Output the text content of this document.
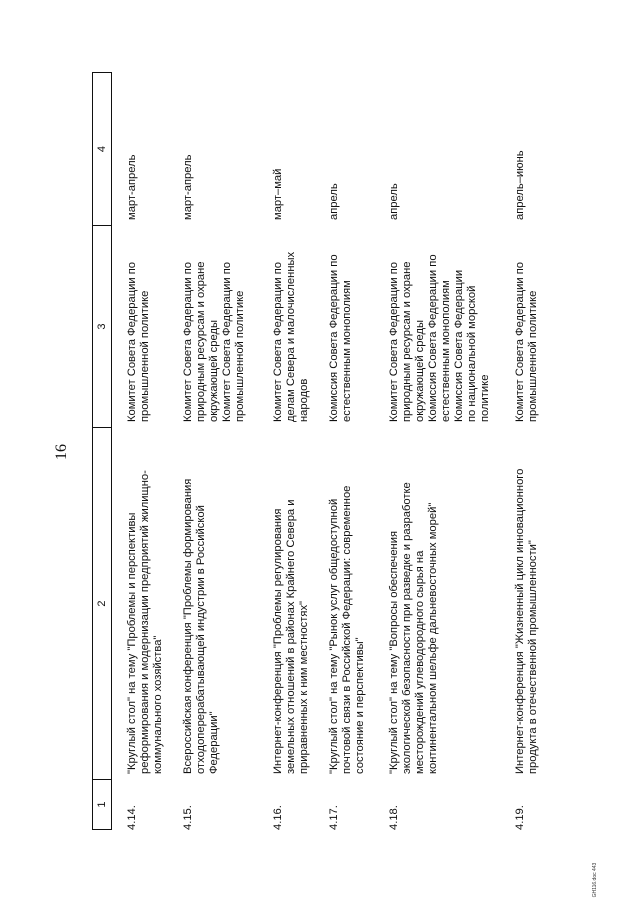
16
1
2
3
4
4.14.
"Круглый стол" на тему "Проблемы и перспективы
реформирования и модернизации предприятий жилищно-
коммунального хозяйства"
Комитет Совета Федерации по
промышленной политике
март-апрель
4.15.
Всероссийская конференция "Проблемы формирования
отходоперерабатывающей индустрии в Российской
Федерации"
Комитет Совета Федерации по
природным ресурсам и охране
окружающей среды
Комитет Совета Федерации по
промышленной политике
март-апрель
4.16.
Интернет-конференция "Проблемы регулирования
земельных отношений в районах Крайнего Севера и
приравненных к ним местностях"
Комитет Совета Федерации по
делам Севера и малочисленных
народов
март–май
4.17.
"Круглый стол" на тему "Рынок услуг общедоступной
почтовой связи в Российской Федерации: современное
состояние и перспективы"
Комиссия Совета Федерации по
естественным монополиям
апрель
4.18.
"Круглый стол" на тему "Вопросы обеспечения
экологической безопасности при разведке и разработке
месторождений углеводородного сырья на
континентальном шельфе дальневосточных морей"
Комитет Совета Федерации по
природным ресурсам и охране
окружающей среды
Комиссия Совета Федерации по
естественным монополиям
Комиссия Совета Федерации
по национальной морской
политике
апрель
4.19.
Интернет-конференция "Жизненный цикл инновационного
продукта в отечественной промышленности"
Комитет Совета Федерации по
промышленной политике
апрель–июнь
GH116.doc 443
